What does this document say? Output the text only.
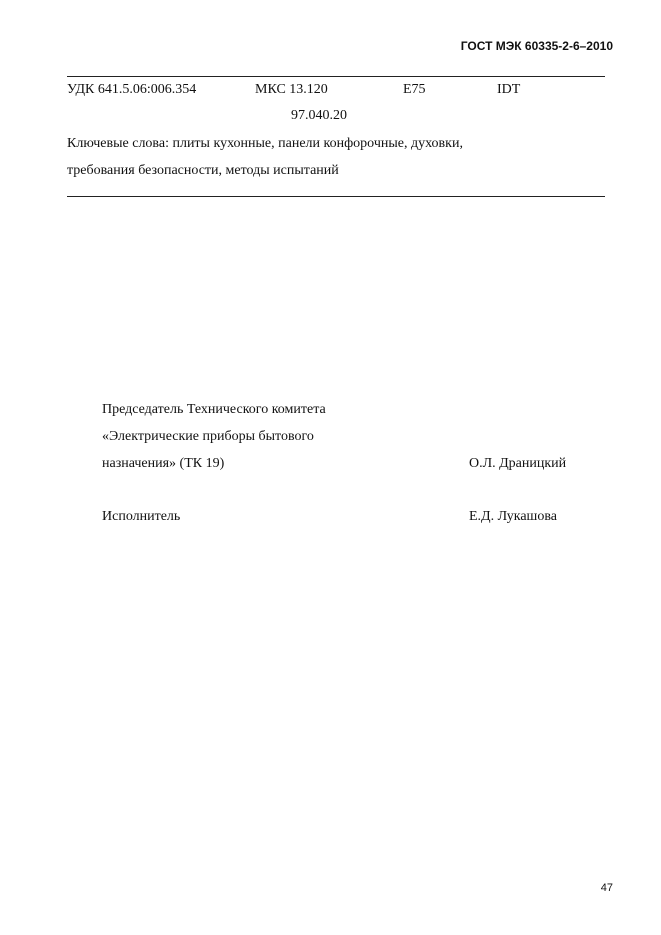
ГОСТ МЭК 60335-2-6–2010
УДК 641.5.06:006.354	МКС 13.120	Е75	IDT
97.040.20
Ключевые слова: плиты кухонные, панели конфорочные, духовки,
требования безопасности, методы испытаний
Председатель Технического комитета
«Электрические приборы бытового
назначения» (ТК 19)	О.Л. Драницкий
Исполнитель	Е.Д. Лукашова
47
